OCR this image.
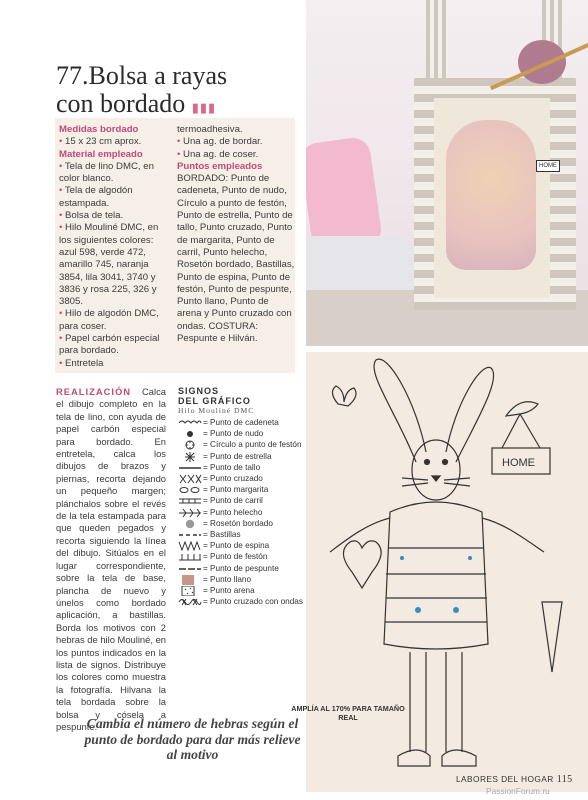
HOME
77.Bolsa a rayas
con bordado ▮▮▮
Medidas bordado
• 15 x 23 cm aprox.
Material empleado
• Tela de lino DMC, en color blanco.
• Tela de algodón estampada.
• Bolsa de tela.
• Hilo Mouliné DMC, en los siguientes colores: azul 598, verde 472, amarillo 745, naranja 3854, lila 3041, 3740 y 3836 y rosa 225, 326 y 3805.
• Hilo de algodón DMC, para coser.
• Papel carbón especial para bordado.
• Entretela
termoadhesiva.
• Una ag. de bordar.
• Una ag. de coser.
Puntos empleados
BORDADO: Punto de cadeneta, Punto de nudo, Círculo a punto de festón, Punto de estrella, Punto de tallo, Punto cruzado, Punto de margarita, Punto de carril, Punto helecho, Rosetón bordado, Bastillas, Punto de espina, Punto de festón, Punto de pespunte, Punto llano, Punto de arena y Punto cruzado con ondas. COSTURA: Pespunte e Hilván.
REALIZACIÓN Calca el dibujo completo en la tela de lino, con ayuda de papel carbón especial para bordado. En entretela, calca los dibujos de brazos y piernas, recorta dejando un pequeño margen; plánchalos sobre el revés de la tela estampada para que queden pegados y recorta siguiendo la línea del dibujo. Sitúalos en el lugar correspondiente, sobre la tela de base, plancha de nuevo y únelos como bordado aplicación, a bastillas. Borda los motivos con 2 hebras de hilo Mouliné, en los puntos indicados en la lista de signos. Distribuye los colores como muestra la fotografía. Hilvana la tela bordada sobre la bolsa y cósela a pespunte.
SIGNOS
DEL GRÁFICO
Hilo Mouliné DMC
= Punto de cadeneta
= Punto de nudo
= Círculo a punto de festón
= Punto de estrella
= Punto de tallo
= Punto cruzado
= Punto margarita
= Punto de carril
= Punto helecho
= Rosetón bordado
= Bastillas
= Punto de espina
= Punto de festón
= Punto de pespunte
= Punto llano
= Punto arena
= Punto cruzado con ondas
HOME
AMPLÍA AL 170% PARA TAMAÑO REAL
Cambia el número de hebras según el punto de bordado para dar más relieve al motivo
LABORES DEL HOGAR 115
PassionForum.ru
